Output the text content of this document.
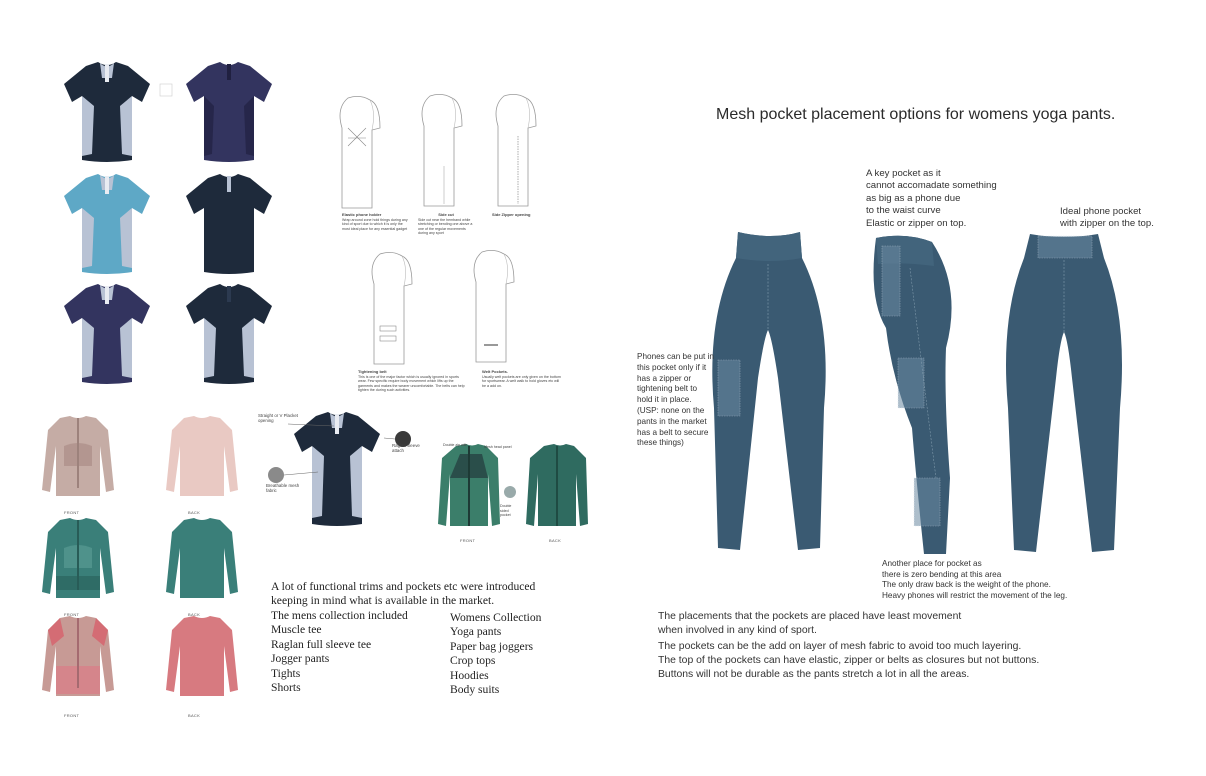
Elastic phone holder
Wrap around zone hold things during any kind of sport due to which it is only the most ideal place for any essential gadget
Side cut
Side cut near the hemband while stretching or bending one above a one of the regular movements during any sport
Side Zipper opening
Tightening belt
This is one of the major factor which is usually ignored in sports wear. Few specific require body movement which lifts up the garments and makes the wearer uncomfortable. The belts can help tighten the during such activities.
Welt Pockets.
Usually welt pockets are only given on the bottom for sportswear. A welt walk to hold gloves etc will be a add on.
FRONT	BACK
FRONT	BACK
FRONT	BACK
Straight or V Placket opening
Raglan sleeve attach
Breathable mesh fabric
Double zip with	Mesh head panel
Double sided pocket
FRONT	BACK
A lot of functional trims and pockets etc were introduced keeping in mind what is available in the market.
The mens collection included
Muscle tee
Raglan full sleeve tee
Jogger pants
Tights
Shorts
Womens Collection
Yoga pants
Paper bag joggers
Crop tops
Hoodies
Body suits
Mesh pocket placement options for womens yoga pants.
A key pocket as it
cannot accomadate something
as big as a phone due
to the waist curve
Elastic or zipper on top.
Ideal phone pocket
with zipper on the top.
Phones can be put in
this pocket only if it
has a zipper or
tightening belt to
hold it in place.
(USP: none on the
pants in the market
has a belt to secure
these things)
Another place for pocket as
there is zero bending at this area
The only draw back is the weight of the phone.
Heavy phones will restrict the movement of the leg.
The placements that the pockets are placed have least movement
when involved in any kind of sport.
The pockets can be the add on layer of mesh fabric to avoid too much layering.
The top of the pockets can have elastic, zipper or belts as closures but not buttons.
Buttons will not be durable as the pants stretch a lot in all the areas.
